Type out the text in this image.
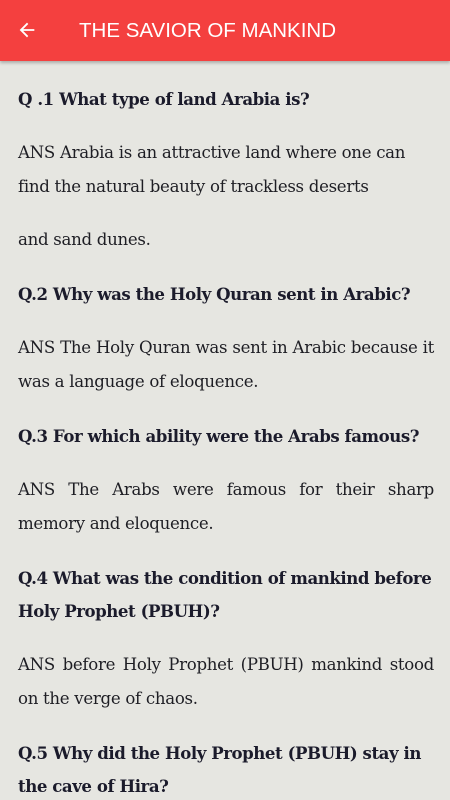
THE SAVIOR OF MANKIND
Q .1 What type of land Arabia is?
ANS Arabia is an attractive land where one can find the natural beauty of trackless deserts
and sand dunes.
Q.2 Why was the Holy Quran sent in Arabic?
ANS The Holy Quran was sent in Arabic because it was a language of eloquence.
Q.3 For which ability were the Arabs famous?
ANS The Arabs were famous for their sharp memory and eloquence.
Q.4 What was the condition of mankind before
Holy Prophet (PBUH)?
ANS before Holy Prophet (PBUH) mankind stood on the verge of chaos.
Q.5 Why did the Holy Prophet (PBUH) stay in
the cave of Hira?
